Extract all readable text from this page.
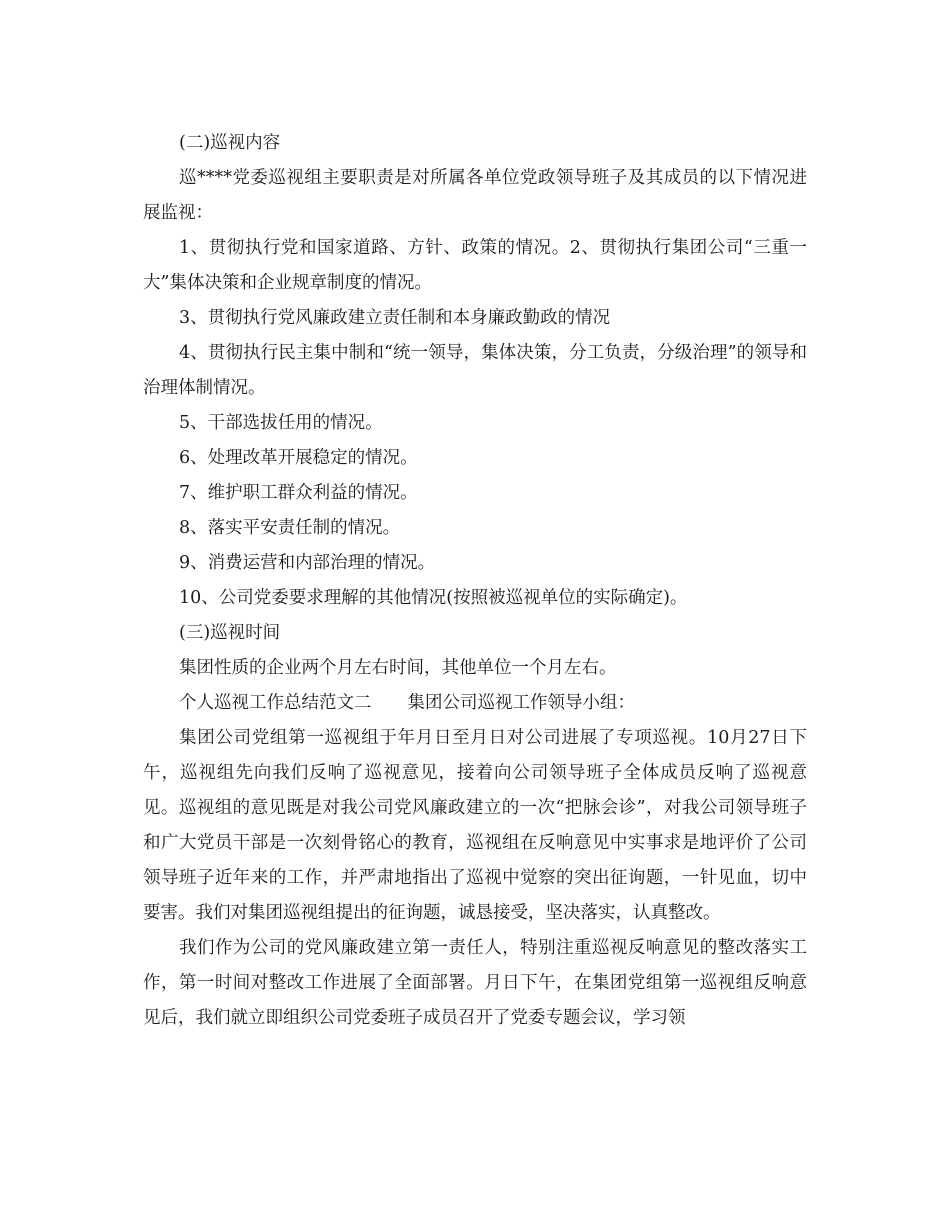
(二)巡视内容

巡****党委巡视组主要职责是对所属各单位党政领导班子及其成员的以下情况进展监视：

1、贯彻执行党和国家道路、方针、政策的情况。2、贯彻执行集团公司“三重一大”集体决策和企业规章制度的情况。

3、贯彻执行党风廉政建立责任制和本身廉政勤政的情况

4、贯彻执行民主集中制和“统一领导，集体决策，分工负责，分级治理”的领导和治理体制情况。

5、干部选拔任用的情况。

6、处理改革开展稳定的情况。

7、维护职工群众利益的情况。

8、落实平安责任制的情况。

9、消费运营和内部治理的情况。

10、公司党委要求理解的其他情况(按照被巡视单位的实际确定)。

(三)巡视时间

集团性质的企业两个月左右时间，其他单位一个月左右。

个人巡视工作总结范文二 集团公司巡视工作领导小组：

集团公司党组第一巡视组于年月日至月日对公司进展了专项巡视。10月27日下午，巡视组先向我们反响了巡视意见，接着向公司领导班子全体成员反响了巡视意见。巡视组的意见既是对我公司党风廉政建立的一次“把脉会诊”，对我公司领导班子和广大党员干部是一次刻骨铭心的教育，巡视组在反响意见中实事求是地评价了公司领导班子近年来的工作，并严肃地指出了巡视中觉察的突出征询题，一针见血，切中要害。我们对集团巡视组提出的征询题，诚恳接受，坚决落实，认真整改。

我们作为公司的党风廉政建立第一责任人，特别注重巡视反响意见的整改落实工作，第一时间对整改工作进展了全面部署。月日下午，在集团党组第一巡视组反响意见后，我们就立即组织公司党委班子成员召开了党委专题会议，学习领
